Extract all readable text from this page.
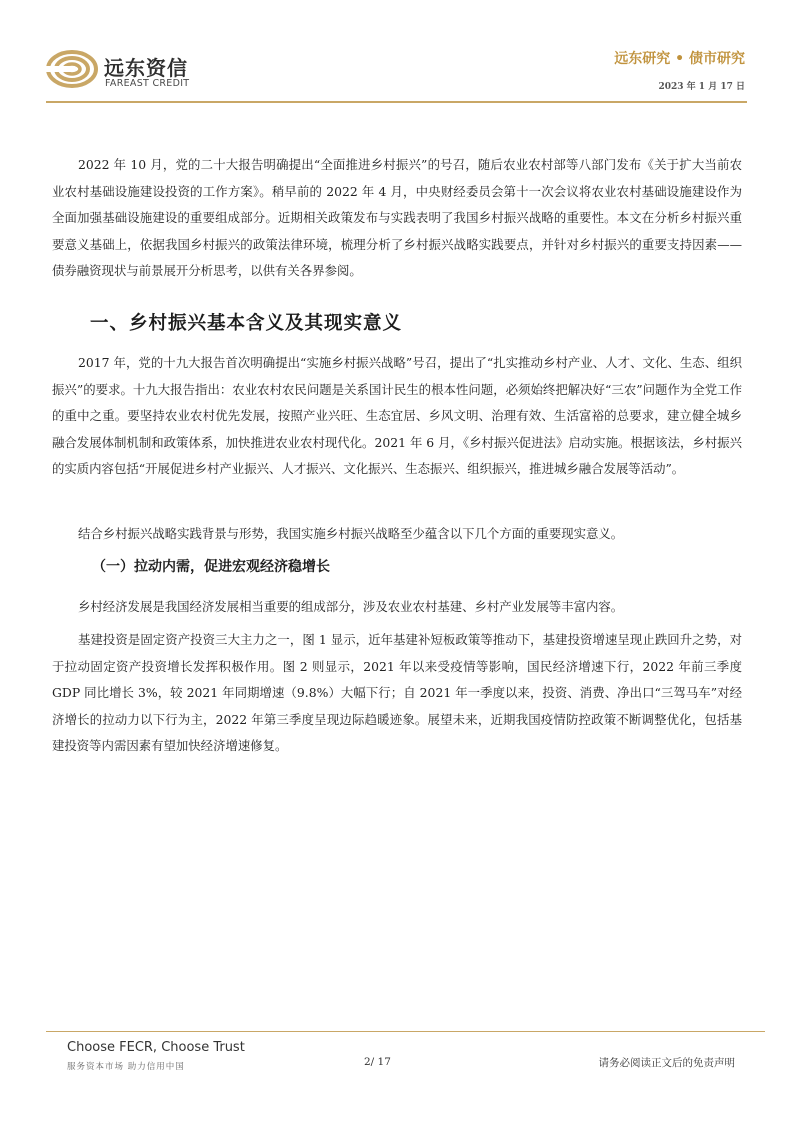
远东资信
FAREAST CREDIT
远东研究 • 债市研究
2023 年 1 月 17 日
2022 年 10 月，党的二十大报告明确提出“全面推进乡村振兴”的号召，随后农业农村部等八部门发布《关于扩大当前农业农村基础设施建设投资的工作方案》。稍早前的 2022 年 4 月，中央财经委员会第十一次会议将农业农村基础设施建设作为全面加强基础设施建设的重要组成部分。近期相关政策发布与实践表明了我国乡村振兴战略的重要性。本文在分析乡村振兴重要意义基础上，依据我国乡村振兴的政策法律环境，梳理分析了乡村振兴战略实践要点，并针对乡村振兴的重要支持因素——债券融资现状与前景展开分析思考，以供有关各界参阅。
一、乡村振兴基本含义及其现实意义
2017 年，党的十九大报告首次明确提出“实施乡村振兴战略”号召，提出了“扎实推动乡村产业、人才、文化、生态、组织振兴”的要求。十九大报告指出：农业农村农民问题是关系国计民生的根本性问题，必须始终把解决好“三农”问题作为全党工作的重中之重。要坚持农业农村优先发展，按照产业兴旺、生态宜居、乡风文明、治理有效、生活富裕的总要求，建立健全城乡融合发展体制机制和政策体系，加快推进农业农村现代化。2021 年 6 月，《乡村振兴促进法》启动实施。根据该法，乡村振兴的实质内容包括“开展促进乡村产业振兴、人才振兴、文化振兴、生态振兴、组织振兴，推进城乡融合发展等活动”。
结合乡村振兴战略实践背景与形势，我国实施乡村振兴战略至少蕴含以下几个方面的重要现实意义。
（一）拉动内需，促进宏观经济稳增长
乡村经济发展是我国经济发展相当重要的组成部分，涉及农业农村基建、乡村产业发展等丰富内容。
基建投资是固定资产投资三大主力之一，图 1 显示，近年基建补短板政策等推动下，基建投资增速呈现止跌回升之势，对于拉动固定资产投资增长发挥积极作用。图 2 则显示，2021 年以来受疫情等影响，国民经济增速下行，2022 年前三季度 GDP 同比增长 3%，较 2021 年同期增速（9.8%）大幅下行；自 2021 年一季度以来，投资、消费、净出口“三驾马车”对经济增长的拉动力以下行为主，2022 年第三季度呈现边际趋暖迹象。展望未来，近期我国疫情防控政策不断调整优化，包括基建投资等内需因素有望加快经济增速修复。
Choose FECR, Choose Trust
服务资本市场 助力信用中国	2/ 17	请务必阅读正文后的免责声明
